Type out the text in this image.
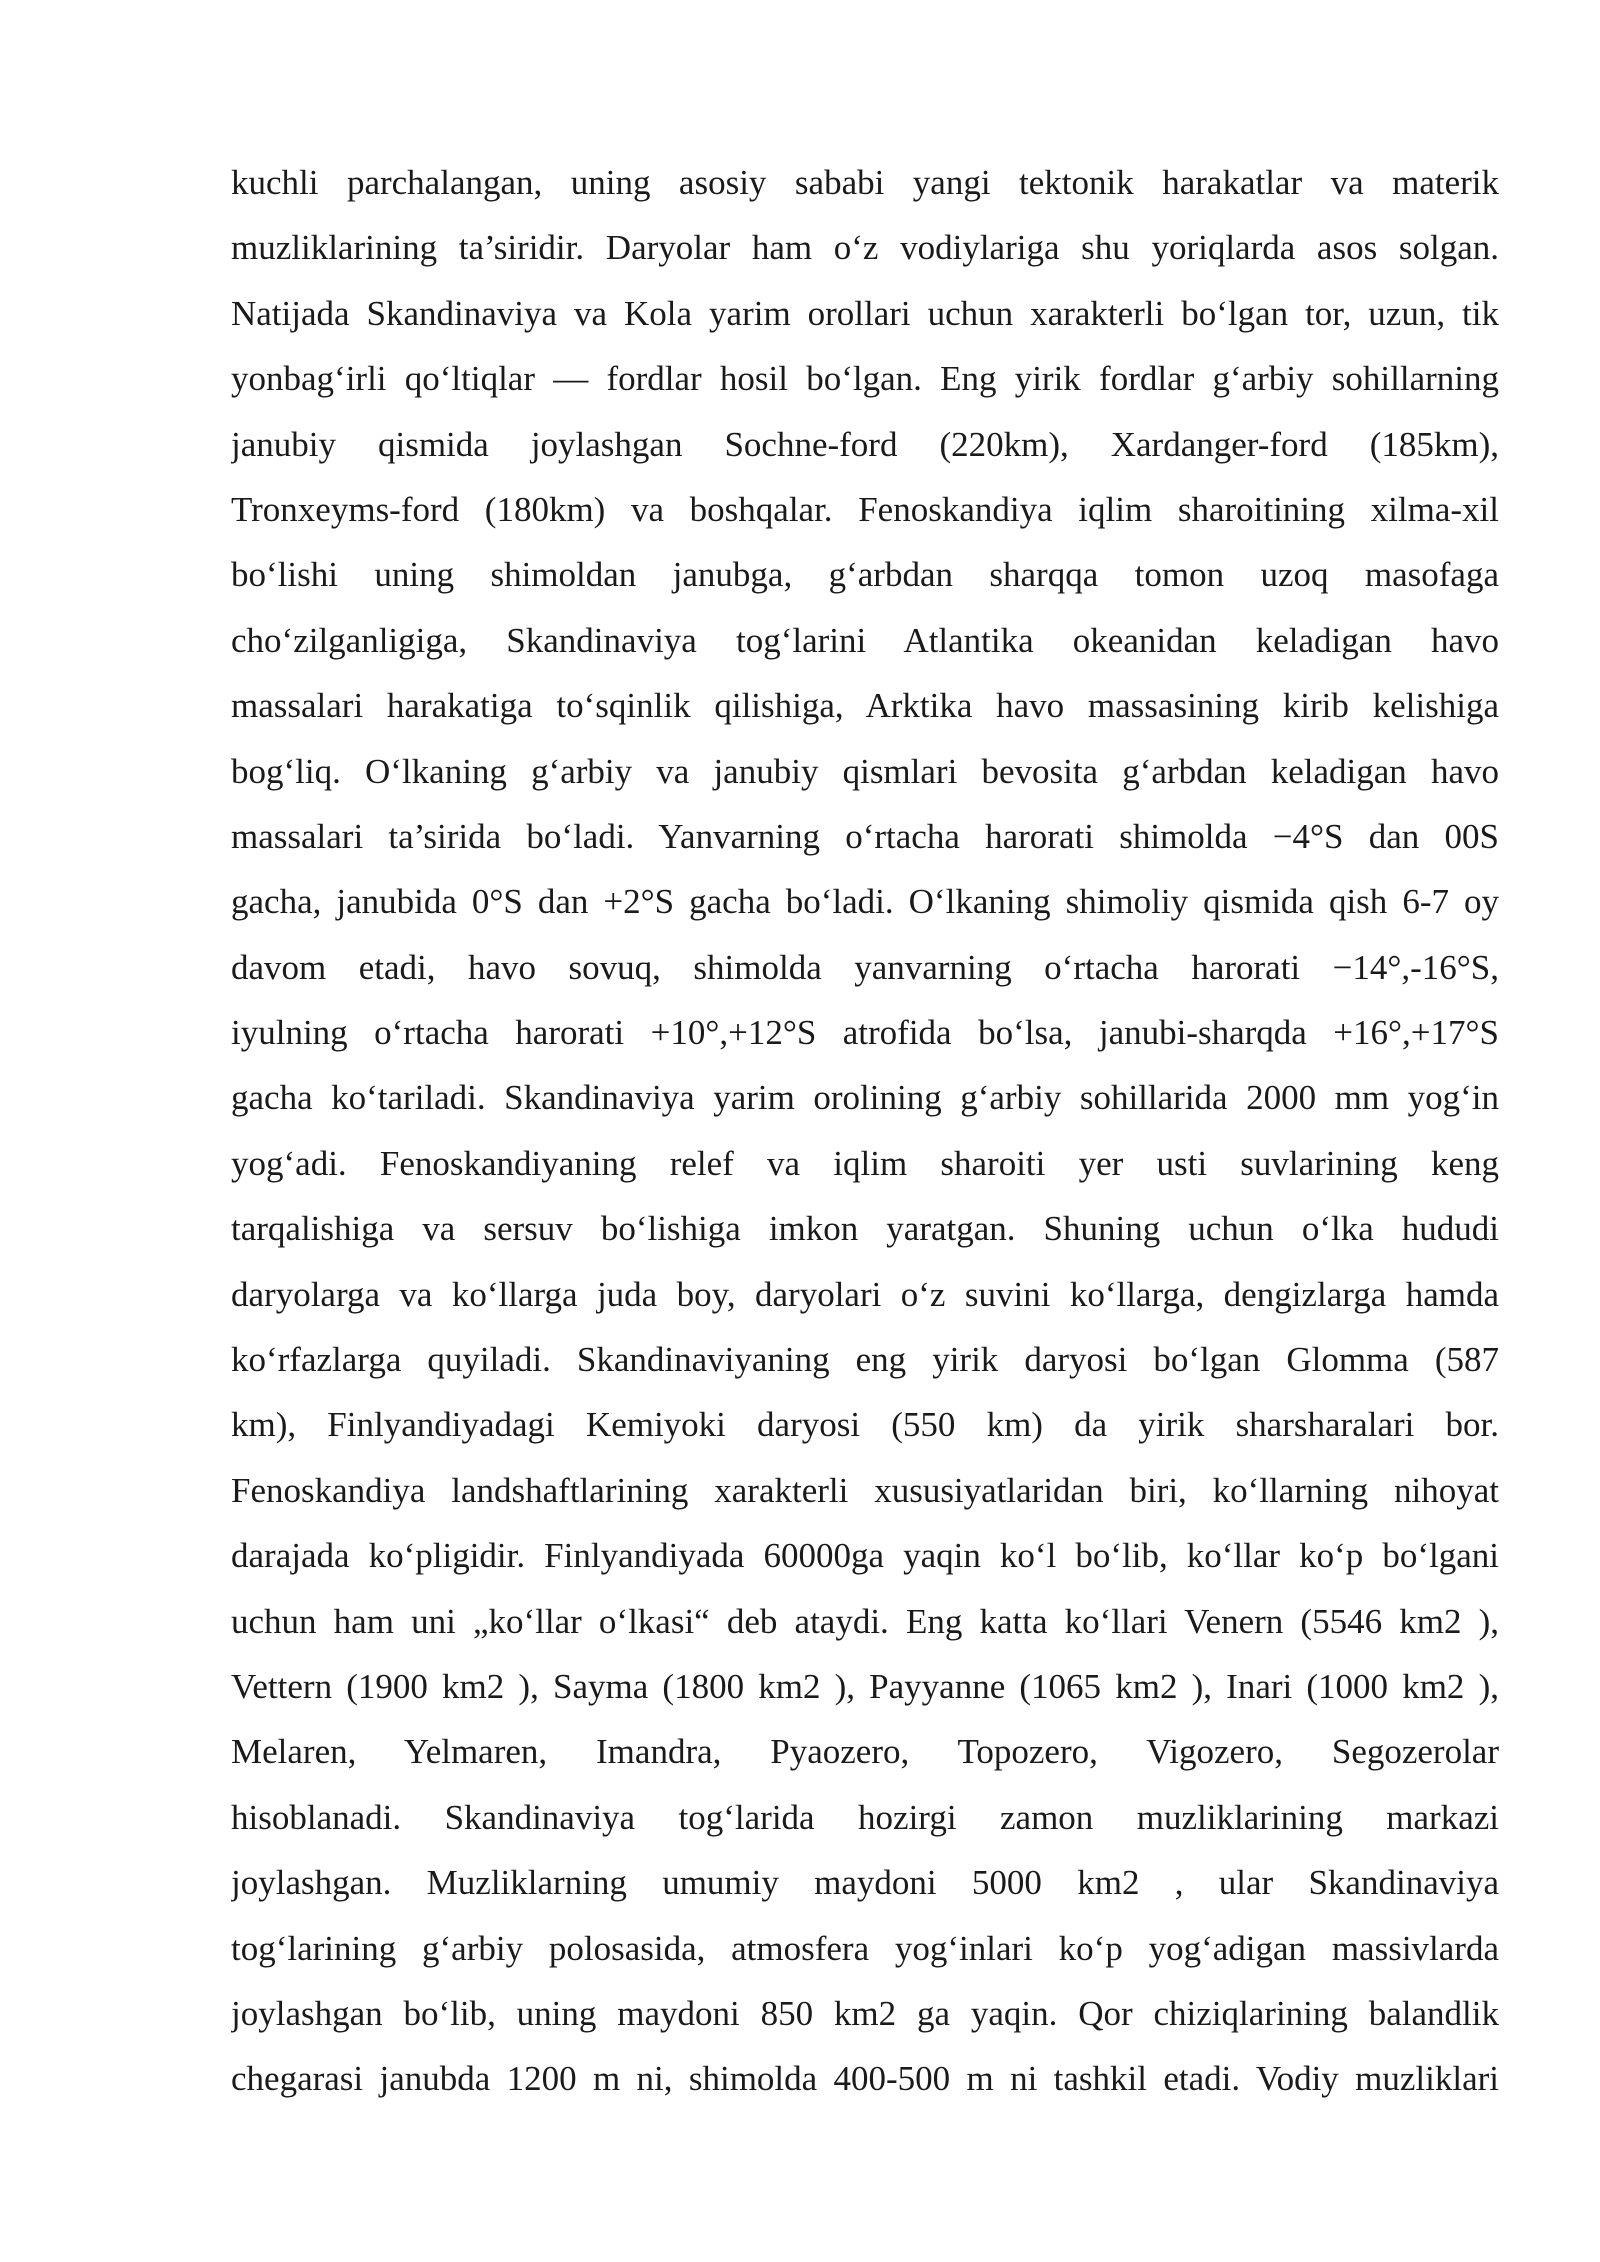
kuchli parchalangan, uning asosiy sababi yangi tektonik harakatlar va materik
muzliklarining ta’siridir. Daryolar ham o‘z vodiylariga shu yoriqlarda asos solgan.
Natijada Skandinaviya va Kola yarim orollari uchun xarakterli bo‘lgan tor, uzun, tik
yonbag‘irli qo‘ltiqlar — fordlar hosil bo‘lgan. Eng yirik fordlar g‘arbiy sohillarning
janubiy qismida joylashgan Sochne-ford (220km), Xardanger-ford (185km),
Tronxeyms-ford (180km) va boshqalar. Fenoskandiya iqlim sharoitining xilma-xil
bo‘lishi uning shimoldan janubga, g‘arbdan sharqqa tomon uzoq masofaga
cho‘zilganligiga, Skandinaviya tog‘larini Atlantika okeanidan keladigan havo
massalari harakatiga to‘sqinlik qilishiga, Arktika havo massasining kirib kelishiga
bog‘liq. O‘lkaning g‘arbiy va janubiy qismlari bevosita g‘arbdan keladigan havo
massalari ta’sirida bo‘ladi. Yanvarning o‘rtacha harorati shimolda −4°S dan 00S
gacha, janubida 0°S dan +2°S gacha bo‘ladi. O‘lkaning shimoliy qismida qish 6-7 oy
davom etadi, havo sovuq, shimolda yanvarning o‘rtacha harorati −14°,-16°S,
iyulning o‘rtacha harorati +10°,+12°S atrofida bo‘lsa, janubi-sharqda +16°,+17°S
gacha ko‘tariladi. Skandinaviya yarim orolining g‘arbiy sohillarida 2000 mm yog‘in
yog‘adi. Fenoskandiyaning relef va iqlim sharoiti yer usti suvlarining keng
tarqalishiga va sersuv bo‘lishiga imkon yaratgan. Shuning uchun o‘lka hududi
daryolarga va ko‘llarga juda boy, daryolari o‘z suvini ko‘llarga, dengizlarga hamda
ko‘rfazlarga quyiladi. Skandinaviyaning eng yirik daryosi bo‘lgan Glomma (587
km), Finlyandiyadagi Kemiyoki daryosi (550 km) da yirik sharsharalari bor.
Fenoskandiya landshaftlarining xarakterli xususiyatlaridan biri, ko‘llarning nihoyat
darajada ko‘pligidir. Finlyandiyada 60000ga yaqin ko‘l bo‘lib, ko‘llar ko‘p bo‘lgani
uchun ham uni „ko‘llar o‘lkasi“ deb ataydi. Eng katta ko‘llari Venern (5546 km2 ),
Vettern (1900 km2 ), Sayma (1800 km2 ), Payyanne (1065 km2 ), Inari (1000 km2 ),
Melaren, Yelmaren, Imandra, Pyaozero, Topozero, Vigozero, Segozerolar
hisoblanadi. Skandinaviya tog‘larida hozirgi zamon muzliklarining markazi
joylashgan. Muzliklarning umumiy maydoni 5000 km2 , ular Skandinaviya
tog‘larining g‘arbiy polosasida, atmosfera yog‘inlari ko‘p yog‘adigan massivlarda
joylashgan bo‘lib, uning maydoni 850 km2 ga yaqin. Qor chiziqlarining balandlik
chegarasi janubda 1200 m ni, shimolda 400-500 m ni tashkil etadi. Vodiy muzliklari
